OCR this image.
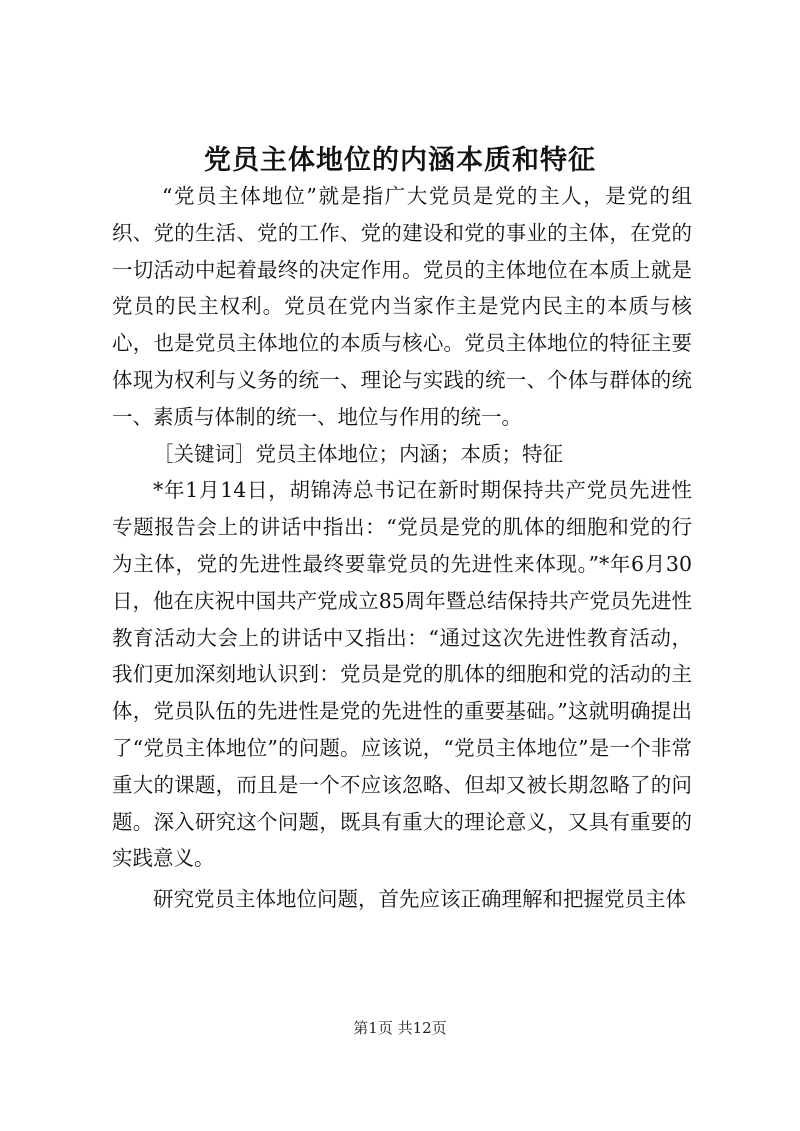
党员主体地位的内涵本质和特征

“党员主体地位”就是指广大党员是党的主人，是党的组织、党的生活、党的工作、党的建设和党的事业的主体，在党的一切活动中起着最终的决定作用。党员的主体地位在本质上就是党员的民主权利。党员在党内当家作主是党内民主的本质与核心，也是党员主体地位的本质与核心。党员主体地位的特征主要体现为权利与义务的统一、理论与实践的统一、个体与群体的统一、素质与体制的统一、地位与作用的统一。

［关键词］党员主体地位；内涵；本质；特征

*年1月14日，胡锦涛总书记在新时期保持共产党员先进性专题报告会上的讲话中指出：“党员是党的肌体的细胞和党的行为主体，党的先进性最终要靠党员的先进性来体现。”*年6月30日，他在庆祝中国共产党成立85周年暨总结保持共产党员先进性教育活动大会上的讲话中又指出：“通过这次先进性教育活动，我们更加深刻地认识到：党员是党的肌体的细胞和党的活动的主体，党员队伍的先进性是党的先进性的重要基础。”这就明确提出了“党员主体地位”的问题。应该说，“党员主体地位”是一个非常重大的课题，而且是一个不应该忽略、但却又被长期忽略了的问题。深入研究这个问题，既具有重大的理论意义，又具有重要的实践意义。

研究党员主体地位问题，首先应该正确理解和把握党员主体

第1页 共12页
